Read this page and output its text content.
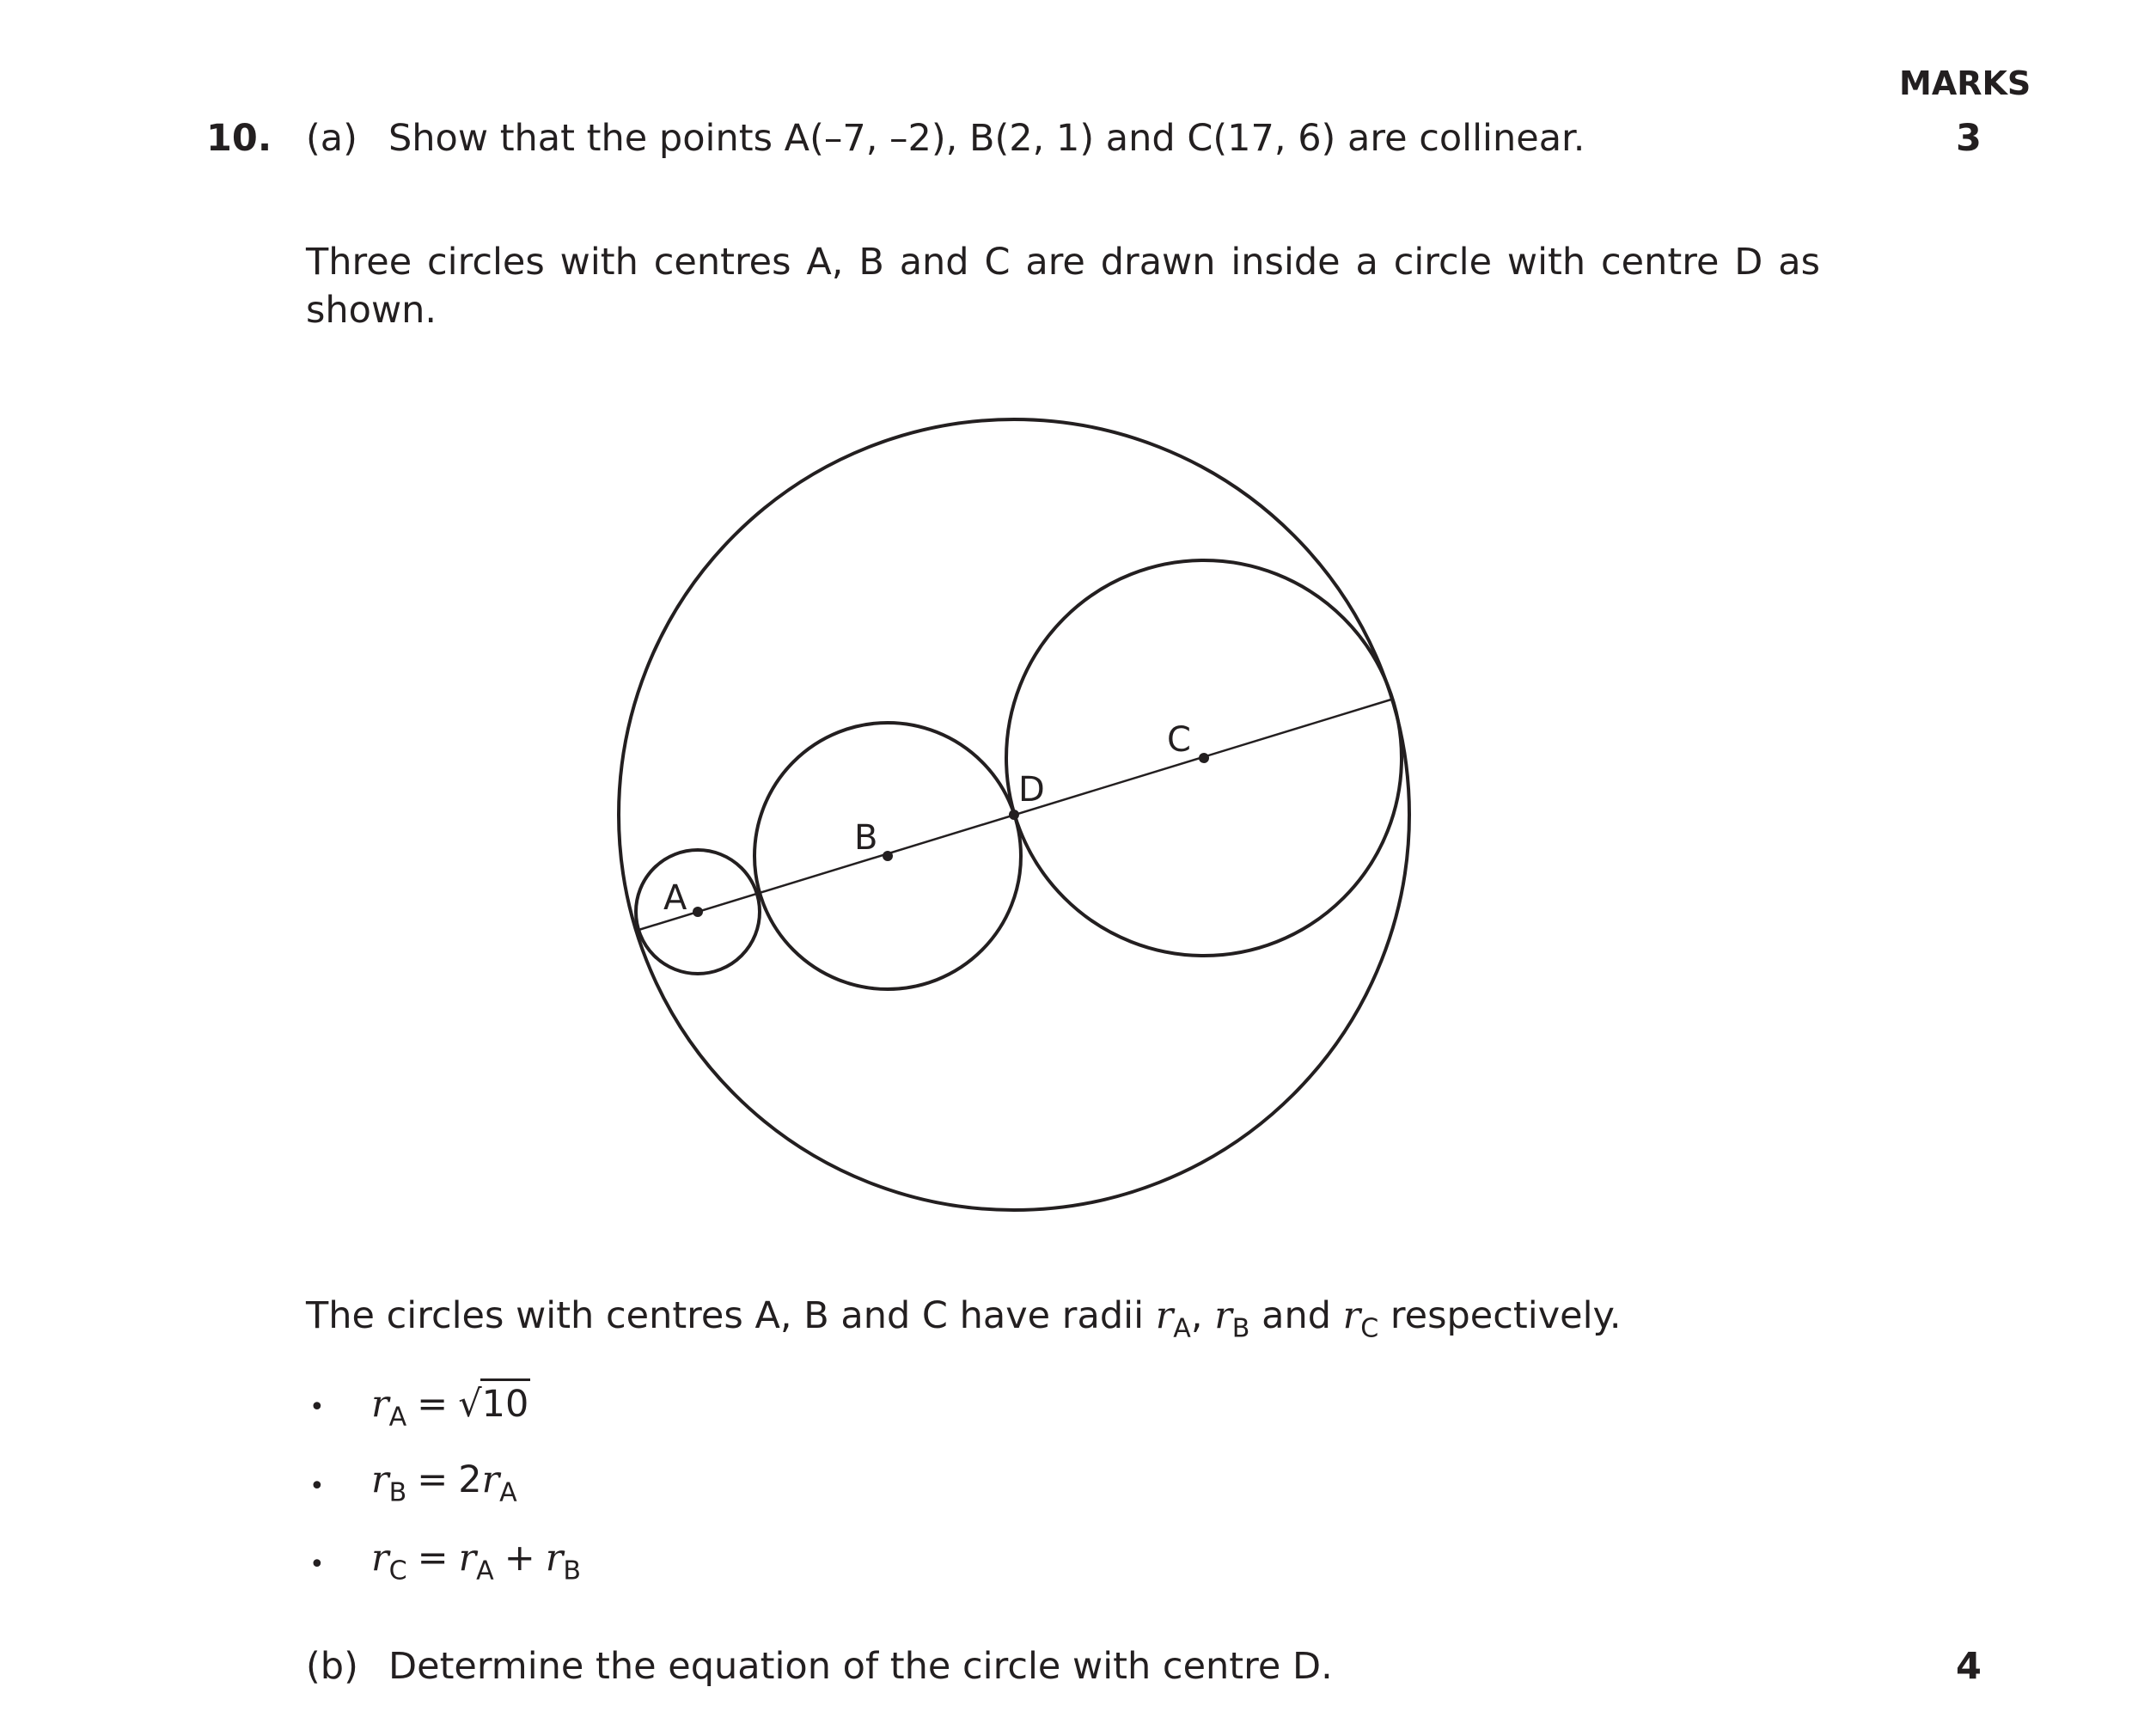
MARKS
10. (a) Show that the points A(–7, –2), B(2, 1) and C(17, 6) are collinear.	3
Three circles with centres A, B and C are drawn inside a circle with centre D as
shown.
A
B
C
D
The circles with centres A, B and C have radii $r_A$, $r_B$ and $r_C$ respectively.
• $r_A = √10$
• $r_B = 2r_A$
• $r_C = r_A + r_B$
(b) Determine the equation of the circle with centre D.	4
